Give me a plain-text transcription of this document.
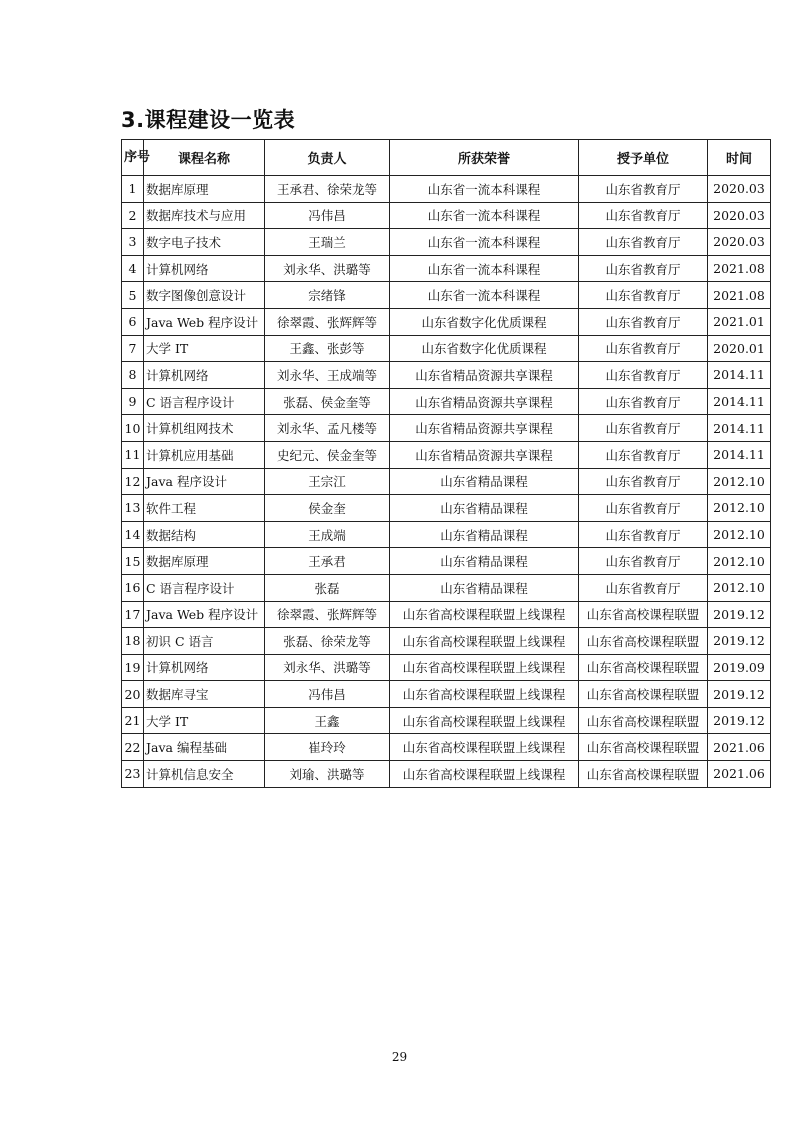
3.课程建设一览表
序号	课程名称	负责人	所获荣誉	授予单位	时间
1	数据库原理	王承君、徐荣龙等	山东省一流本科课程	山东省教育厅	2020.03
2	数据库技术与应用	冯伟昌	山东省一流本科课程	山东省教育厅	2020.03
3	数字电子技术	王瑞兰	山东省一流本科课程	山东省教育厅	2020.03
4	计算机网络	刘永华、洪璐等	山东省一流本科课程	山东省教育厅	2021.08
5	数字图像创意设计	宗绪锋	山东省一流本科课程	山东省教育厅	2021.08
6	Java Web 程序设计	徐翠霞、张辉辉等	山东省数字化优质课程	山东省教育厅	2021.01
7	大学 IT	王鑫、张彭等	山东省数字化优质课程	山东省教育厅	2020.01
8	计算机网络	刘永华、王成端等	山东省精品资源共享课程	山东省教育厅	2014.11
9	C 语言程序设计	张磊、侯金奎等	山东省精品资源共享课程	山东省教育厅	2014.11
10	计算机组网技术	刘永华、孟凡楼等	山东省精品资源共享课程	山东省教育厅	2014.11
11	计算机应用基础	史纪元、侯金奎等	山东省精品资源共享课程	山东省教育厅	2014.11
12	Java 程序设计	王宗江	山东省精品课程	山东省教育厅	2012.10
13	软件工程	侯金奎	山东省精品课程	山东省教育厅	2012.10
14	数据结构	王成端	山东省精品课程	山东省教育厅	2012.10
15	数据库原理	王承君	山东省精品课程	山东省教育厅	2012.10
16	C 语言程序设计	张磊	山东省精品课程	山东省教育厅	2012.10
17	Java Web 程序设计	徐翠霞、张辉辉等	山东省高校课程联盟上线课程	山东省高校课程联盟	2019.12
18	初识 C 语言	张磊、徐荣龙等	山东省高校课程联盟上线课程	山东省高校课程联盟	2019.12
19	计算机网络	刘永华、洪璐等	山东省高校课程联盟上线课程	山东省高校课程联盟	2019.09
20	数据库寻宝	冯伟昌	山东省高校课程联盟上线课程	山东省高校课程联盟	2019.12
21	大学 IT	王鑫	山东省高校课程联盟上线课程	山东省高校课程联盟	2019.12
22	Java 编程基础	崔玲玲	山东省高校课程联盟上线课程	山东省高校课程联盟	2021.06
23	计算机信息安全	刘瑜、洪璐等	山东省高校课程联盟上线课程	山东省高校课程联盟	2021.06
29
